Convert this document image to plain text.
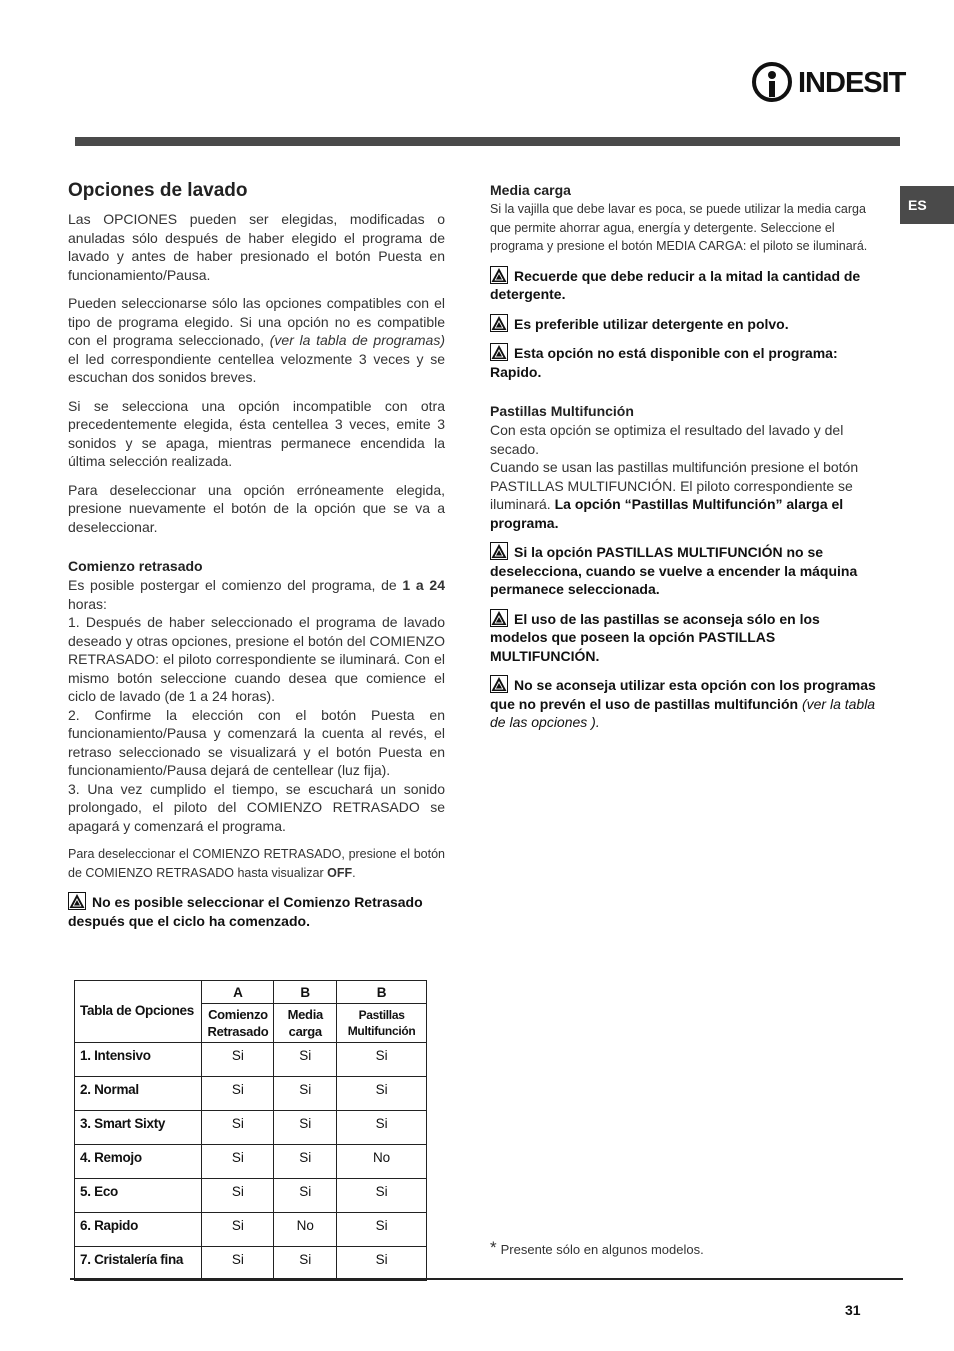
INDESIT
ES
Opciones de lavado

Las OPCIONES pueden ser elegidas, modificadas o anuladas sólo después de haber elegido el programa de lavado y antes de haber presionado el botón Puesta en funcionamiento/Pausa.

Pueden seleccionarse sólo las opciones compatibles con el tipo de programa elegido. Si una opción no es compatible con el programa seleccionado, (ver la tabla de programas) el led correspondiente centellea velozmente 3 veces y se escuchan dos sonidos breves.

Si se selecciona una opción incompatible con otra precedentemente elegida, ésta centellea 3 veces, emite 3 sonidos y se apaga, mientras permanece encendida la última selección realizada.

Para deseleccionar una opción erróneamente elegida, presione nuevamente el botón de la opción que se va a deseleccionar.

Comienzo retrasado

Es posible postergar el comienzo del programa, de 1 a 24 horas:

1. Después de haber seleccionado el programa de lavado deseado y otras opciones, presione el botón del COMIENZO RETRASADO: el piloto correspondiente se iluminará. Con el mismo botón seleccione cuando desea que comience el ciclo de lavado (de 1 a 24 horas).

2. Confirme la elección con el botón Puesta en funcionamiento/Pausa y comenzará la cuenta al revés, el retraso seleccionado se visualizará y el botón Puesta en funcionamiento/Pausa dejará de centellear (luz fija).

3. Una vez cumplido el tiempo, se escuchará un sonido prolongado, el piloto del COMIENZO RETRASADO se apagará y comenzará el programa.

Para deseleccionar el COMIENZO RETRASADO, presione el botón de COMIENZO RETRASADO hasta visualizar OFF.

No es posible seleccionar el Comienzo Retrasado después que el ciclo ha comenzado.
Media carga

Si la vajilla que debe lavar es poca, se puede utilizar la media carga que permite ahorrar agua, energía y detergente. Seleccione el programa y presione el botón MEDIA CARGA: el piloto se iluminará.

Recuerde que debe reducir a la mitad la cantidad de detergente.
Es preferible utilizar detergente en polvo.
Esta opción no está disponible con el programa: Rapido.
Pastillas Multifunción

Con esta opción se optimiza el resultado del lavado y del secado.

Cuando se usan las pastillas multifunción presione el botón PASTILLAS MULTIFUNCIÓN. El piloto correspondiente se iluminará. La opción “Pastillas Multifunción” alarga el programa.

Si la opción PASTILLAS MULTIFUNCIÓN no se deselecciona, cuando se vuelve a encender la máquina permanece seleccionada.
El uso de las pastillas se aconseja sólo en los modelos que poseen la opción PASTILLAS MULTIFUNCIÓN.
No se aconseja utilizar esta opción con los programas que no prevén el uso de pastillas multifunción (ver la tabla de las opciones ).
Tabla de Opciones	A	B	B
	Comienzo Retrasado	Media carga	Pastillas Multifunción
1. Intensivo	Si	Si	Si
2. Normal	Si	Si	Si
3. Smart Sixty	Si	Si	Si
4. Remojo	Si	Si	No
5. Eco	Si	Si	Si
6. Rapido	Si	No	Si
7. Cristalería fina	Si	Si	Si
* Presente sólo en algunos modelos.
31
